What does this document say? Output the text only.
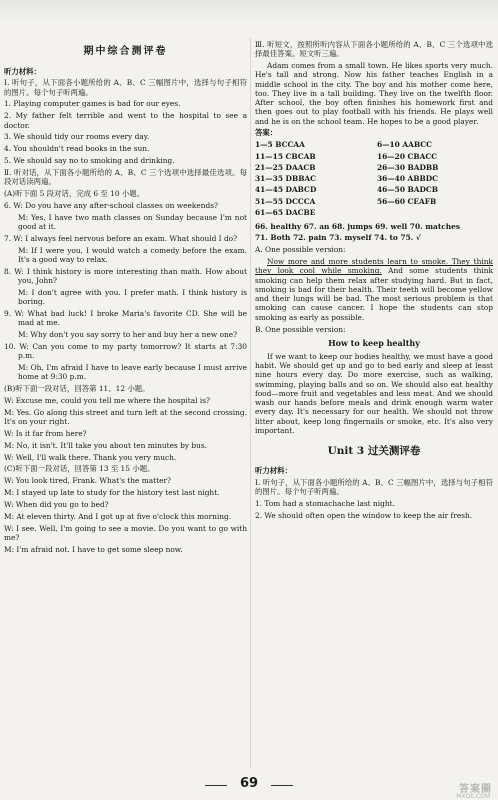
期中综合测评卷

听力材料：

Ⅰ. 听句子，从下面各小题所给的 A、B、C 三幅图片中，选择与句子相符的图片。每个句子听两遍。

1. Playing computer games is bad for our eyes.

2. My father felt terrible and went to the hospital to see a doctor.

3. We should tidy our rooms every day.

4. You shouldn't read books in the sun.

5. We should say no to smoking and drinking.

Ⅱ. 听对话，从下面各小题所给的 A、B、C 三个选项中选择最佳选项。每段对话读两遍。

(A)听下面 5 段对话，完成 6 至 10 小题。

6. W: Do you have any after-school classes on weekends?

M: Yes, I have two math classes on Sunday because I'm not good at it.

7. W: I always feel nervous before an exam. What should I do?

M: If I were you, I would watch a comedy before the exam. It's a good way to relax.

8. W: I think history is more interesting than math. How about you, John?

M: I don't agree with you. I prefer math. I think history is boring.

9. W: What bad luck! I broke Maria's favorite CD. She will be mad at me.

M: Why don't you say sorry to her and buy her a new one?

10. W: Can you come to my party tomorrow? It starts at 7:30 p.m.

M: Oh, I'm afraid I have to leave early because I must arrive home at 9:30 p.m.

(B)听下面一段对话，回答第 11、12 小题。

W: Excuse me, could you tell me where the hospital is?

M: Yes. Go along this street and turn left at the second crossing. It's on your right.

W: Is it far from here?

M: No, it isn't. It'll take you about ten minutes by bus.

W: Well, I'll walk there. Thank you very much.

(C)听下面一段对话，回答第 13 至 15 小题。

W: You look tired, Frank. What's the matter?

M: I stayed up late to study for the history test last night.

W: When did you go to bed?

M: At eleven thirty. And I got up at five o'clock this morning.

W: I see. Well, I'm going to see a movie. Do you want to go with me?

M: I'm afraid not. I have to get some sleep now.

Ⅲ. 听短文，按照所听内容从下面各小题所给的 A、B、C 三个选项中选择最佳答案。短文听三遍。

Adam comes from a small town. He likes sports very much. He's tall and strong. Now his father teaches English in a middle school in the city. The boy and his mother come here, too. They live in a tall building. They live on the twelfth floor. After school, the boy often finishes his homework first and then goes out to play football with his friends. He plays well and he is on the school team. He hopes to be a good player.

答案：

1—5 BCCAA	6—10 AABCC
11—15 CBCAB	16—20 CBACC
21—25 DAACB	26—30 BADBB
31—35 DBBAC	36—40 ABBDC
41—45 DABCD	46—50 BADCB
51—55 DCCCA	56—60 CEAFB
61—65 DACBE

66. healthy 67. an 68. jumps 69. well 70. matches

71. Both 72. pain 73. myself 74. to 75. √

A. One possible version:

Now more and more students learn to smoke. They think they look cool while smoking. And some students think smoking can help them relax after studying hard. But in fact, smoking is bad for their health. Their teeth will become yellow and their lungs will be bad. The most serious problem is that smoking can cause cancer. I hope the students can stop smoking as early as possible.

B. One possible version:

How to keep healthy

If we want to keep our bodies healthy, we must have a good habit. We should get up and go to bed early and sleep at least nine hours every day. Do more exercise, such as walking, swimming, playing balls and so on. We should also eat healthy food—more fruit and vegetables and less meat. And we should wash our hands before meals and drink enough warm water every day. It's necessary for our health. We should not throw litter about, keep long fingernails or smoke, etc. It's also very important.

Unit 3 过关测评卷

听力材料：

Ⅰ. 听句子，从下面各小题所给的 A、B、C 三幅图片中，选择与句子相符的图片。每个句子听两遍。

1. Tom had a stomachache last night.

2. We should often open the window to keep the air fresh.

69	答案圈
MXQE.COM
